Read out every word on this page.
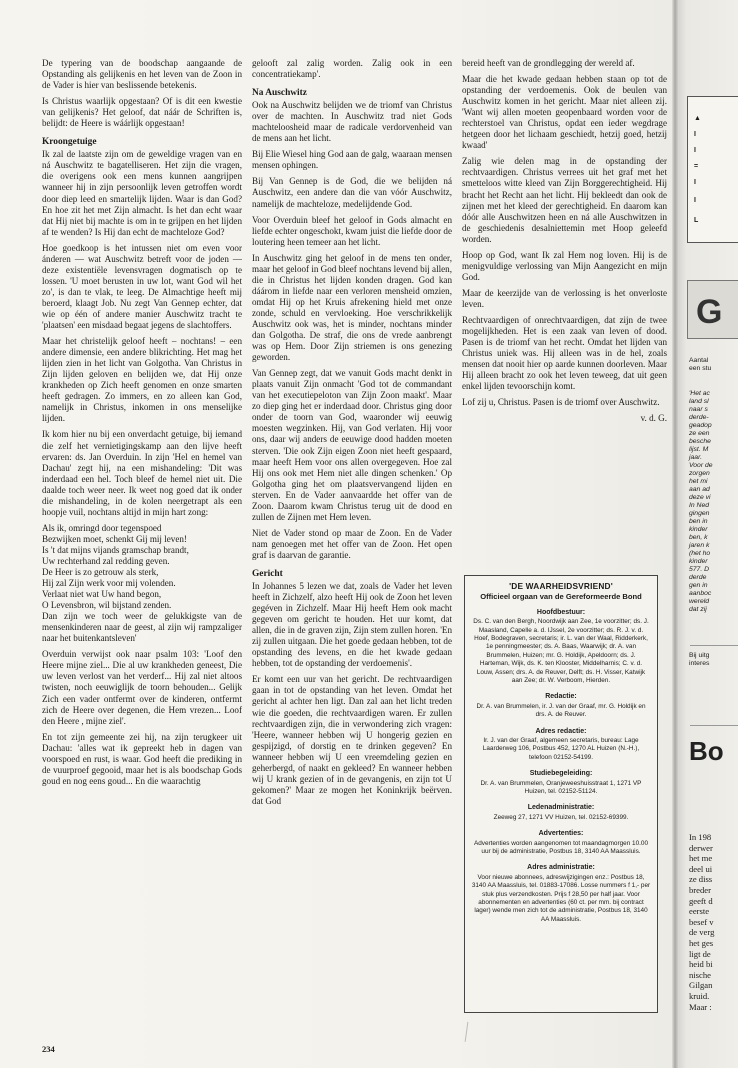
De typering van de boodschap aangaande de Opstanding als gelijkenis en het leven van de Zoon in de Vader is hier van beslissende betekenis.

Is Christus waarlijk opgestaan? Of is dit een kwestie van gelijkenis? Het geloof, dat náár de Schriften is, belijdt: de Heere is wáárlijk opgestaan!

Kroongetuige

Ik zal de laatste zijn om de geweldige vragen van en ná Auschwitz te bagatelliseren. Het zijn die vragen, die overigens ook een mens kunnen aangrijpen wanneer hij in zijn persoonlijk leven getroffen wordt door diep leed en smartelijk lijden. Waar is dan God? En hoe zit het met Zijn almacht. Is het dan echt waar dat Hij niet bij machte is om in te grijpen en het lijden af te wenden? Is Hij dan echt de machteloze God?

Hoe goedkoop is het intussen niet om even voor ánderen — wat Auschwitz betreft voor de joden — deze existentiële levensvragen dogmatisch op te lossen. 'U moet berusten in uw lot, want God wil het zo', is dan te vlak, te leeg. De Almachtige heeft mij beroerd, klaagt Job. Nu zegt Van Gennep echter, dat wie op één of andere manier Auschwitz tracht te 'plaatsen' een misdaad begaat jegens de slachtoffers.

Maar het christelijk geloof heeft – nochtans! – een andere dimensie, een andere blikrichting. Het mag het lijden zien in het licht van Golgotha. Van Christus in Zijn lijden geloven en belijden we, dat Hij onze krankheden op Zich heeft genomen en onze smarten heeft gedragen. Zo immers, en zo alleen kan God, namelijk in Christus, inkomen in ons menselijke lijden.

Ik kom hier nu bij een onverdacht getuige, bij iemand die zelf het vernietigingskamp aan den lijve heeft ervaren: ds. Jan Overduin. In zijn 'Hel en hemel van Dachau' zegt hij, na een mishandeling: 'Dit was inderdaad een hel. Toch bleef de hemel niet uit. Die daalde toch weer neer. Ik weet nog goed dat ik onder die mishandeling, in de kolen neergetrapt als een hoopje vuil, nochtans altijd in mijn hart zong:

Als ik, omringd door tegenspoed
Bezwijken moet, schenkt Gij mij leven!
Is 't dat mijns vijands gramschap brandt,
Uw rechterhand zal redding geven.
De Heer is zo getrouw als sterk,
Hij zal Zijn werk voor mij volenden.
Verlaat niet wat Uw hand begon,
O Levensbron, wil bijstand zenden.
Dan zijn we toch weer de gelukkigste van de mensenkinderen naar de geest, al zijn wij rampzaliger naar het buitenkantsleven'

Overduin verwijst ook naar psalm 103: 'Loof den Heere mijne ziel... Die al uw krankheden geneest, Die uw leven verlost van het verderf... Hij zal niet altoos twisten, noch eeuwiglijk de toorn behouden... Gelijk Zich een vader ontfermt over de kinderen, ontfermt zich de Heere over degenen, die Hem vrezen... Loof den Heere , mijne ziel'.

En tot zijn gemeente zei hij, na zijn terugkeer uit Dachau: 'alles wat ik gepreekt heb in dagen van voorspoed en rust, is waar. God heeft die prediking in de vuurproef gegooid, maar het is als boodschap Gods goud en nog eens goud... En die waarachtig

gelooft zal zalig worden. Zalig ook in een concentratiekamp'.

Na Auschwitz

Ook na Auschwitz belijden we de triomf van Christus over de machten. In Auschwitz trad niet Gods machteloosheid maar de radicale verdorvenheid van de mens aan het licht.

Bij Elie Wiesel hing God aan de galg, waaraan mensen mensen ophingen.

Bij Van Gennep is de God, die we belijden ná Auschwitz, een andere dan die van vóór Auschwitz, namelijk de machteloze, medelijdende God.

Voor Overduin bleef het geloof in Gods almacht en liefde echter ongeschokt, kwam juist die liefde door de loutering heen temeer aan het licht.

In Auschwitz ging het geloof in de mens ten onder, maar het geloof in God bleef nochtans levend bij allen, die in Christus het lijden konden dragen. God kan dáárom in liefde naar een verloren mensheid omzien, omdat Hij op het Kruis afrekening hield met onze zonde, schuld en vervloeking. Hoe verschrikkelijk Auschwitz ook was, het is minder, nochtans minder dan Golgotha. De straf, die ons de vrede aanbrengt was op Hem. Door Zijn striemen is ons genezing geworden.

Van Gennep zegt, dat we vanuit Gods macht denkt in plaats vanuit Zijn onmacht 'God tot de commandant van het executiepeloton van Zijn Zoon maakt'. Maar zo diep ging het er inderdaad door. Christus ging door onder de toorn van God, waaronder wij eeuwig moesten wegzinken. Hij, van God verlaten. Hij voor ons, daar wij anders de eeuwige dood hadden moeten sterven. 'Die ook Zijn eigen Zoon niet heeft gespaard, maar heeft Hem voor ons allen overgegeven. Hoe zal Hij ons ook met Hem niet alle dingen schenken.' Op Golgotha ging het om plaatsvervangend lijden en sterven. En de Vader aanvaardde het offer van de Zoon. Daarom kwam Christus terug uit de dood en zullen de Zijnen met Hem leven.

Niet de Vader stond op maar de Zoon. En de Vader nam genoegen met het offer van de Zoon. Het open graf is daarvan de garantie.

Gericht

In Johannes 5 lezen we dat, zoals de Vader het leven heeft in Zichzelf, alzo heeft Hij ook de Zoon het leven gegéven in Zichzelf. Maar Hij heeft Hem ook macht gegeven om gericht te houden. Het uur komt, dat allen, die in de graven zijn, Zijn stem zullen horen. 'En zij zullen uitgaan. Die het goede gedaan hebben, tot de opstanding des levens, en die het kwade gedaan hebben, tot de opstanding der verdoemenis'.

Er komt een uur van het gericht. De rechtvaardigen gaan in tot de opstanding van het leven. Omdat het gericht al achter hen ligt. Dan zal aan het licht treden wie die goeden, die rechtvaardigen waren. Er zullen rechtvaardigen zijn, die in verwondering zich vragen: 'Heere, wanneer hebben wij U hongerig gezien en gespijzigd, of dorstig en te drinken gegeven? En wanneer hebben wij U een vreemdeling gezien en geherbergd, of naakt en gekleed? En wanneer hebben wij U krank gezien of in de gevangenis, en zijn tot U gekomen?' Maar ze mogen het Koninkrijk beërven. dat God

bereid heeft van de grondlegging der wereld af.

Maar die het kwade gedaan hebben staan op tot de opstanding der verdoemenis. Ook de beulen van Auschwitz komen in het gericht. Maar niet alleen zij. 'Want wij allen moeten geopenbaard worden voor de rechterstoel van Christus, opdat een ieder wegdrage hetgeen door het lichaam geschiedt, hetzij goed, hetzij kwaad'

Zalig wie delen mag in de opstanding der rechtvaardigen. Christus verrees uit het graf met het smetteloos witte kleed van Zijn Borggerechtigheid. Hij bracht het Recht aan het licht. Hij bekleedt dan ook de zijnen met het kleed der gerechtigheid. En daarom kan dóór alle Auschwitzen heen en ná alle Auschwitzen in de geschiedenis desalniettemin met Hoop geleefd worden.

Hoop op God, want Ik zal Hem nog loven. Hij is de menigvuldige verlossing van Mijn Aangezicht en mijn God.

Maar de keerzijde van de verlossing is het onverloste leven.

Rechtvaardigen of onrechtvaardigen, dat zijn de twee mogelijkheden. Het is een zaak van leven of dood. Pasen is de triomf van het recht. Omdat het lijden van Christus uniek was. Hij alleen was in de hel, zoals mensen dat nooit hier op aarde kunnen doorleven. Maar Hij alleen bracht zo ook het leven teweeg, dat uit geen enkel lijden tevoorschijn komt.

Lof zij u, Christus. Pasen is de triomf over Auschwitz.

v. d. G.

'DE WAARHEIDSVRIEND'
Officieel orgaan van de Gereformeerde Bond
Hoofdbestuur:
Ds. C. van den Bergh, Noordwijk aan Zee, 1e voorzitter; ds. J. Maasland, Capelle a. d. IJssel, 2e voorzitter; ds. R. J. v. d. Hoef, Bodegraven, secretaris; ir. L. van der Waal, Ridderkerk, 1e penningmeester; ds. A. Baas, Waarwijk; dr. A. van Brummelen, Huizen; mr. G. Holdijk, Apeldoorn; ds. J. Harteman, Wijk, ds. K. ten Klooster, Middelharnis; C. v. d. Louw, Assen; drs. A. de Reuver, Delft; ds. H. Visser, Katwijk aan Zee; dr. W. Verboom, Hierden.
Redactie:
Dr. A. van Brummelen, ir. J. van der Graaf, mr. G. Holdijk en drs. A. de Reuver.
Adres redactie:
Ir. J. van der Graaf, algemeen secretaris, bureau: Lage Laarderweg 106, Postbus 452, 1270 AL Huizen (N.-H.), telefoon 02152-54199.
Studiebegeleiding:
Dr. A. van Brummelen, Oranjeweeshuisstraat 1, 1271 VP Huizen, tel. 02152-51124.
Ledenadministratie:
Zeeweg 27, 1271 VV Huizen, tel. 02152-69399.
Advertenties:
Advertenties worden aangenomen tot maandagmorgen 10.00 uur bij de administratie, Postbus 18, 3140 AA Maassluis.
Adres administratie:
Voor nieuwe abonnees, adreswijzigingen enz.: Postbus 18, 3140 AA Maassluis, tel. 01883-17086. Losse nummers f 1,- per stuk plus verzendkosten. Prijs f 28,50 per half jaar. Voor abonnementen en advertenties (60 ct. per mm. bij contract lager) wende men zich tot de administratie, Postbus 18, 3140 AA Maassluis.
234
▲
I
I
=
I
I
L
G
Aantal
een stu
'Het ac
land sl
naar s
derde-
geadop
ze een
besche
lijst. M
jaar.
Voor de
zorgen
het mi
aan ad
deze vi
In Ned
gingen
ben in
kinder
ben, k
jaren k
(het ho
kinder
577. D
derde
gen in
aanboc
wereld
dat zij
Bij uitg
interes
In 198
derwer
het me
deel ui
ze diss
breder
geeft d
eerste
besef v
de verg
het ges
ligt de
heid bi
nische
Gilgan
kruid.
Maar :
Bo
